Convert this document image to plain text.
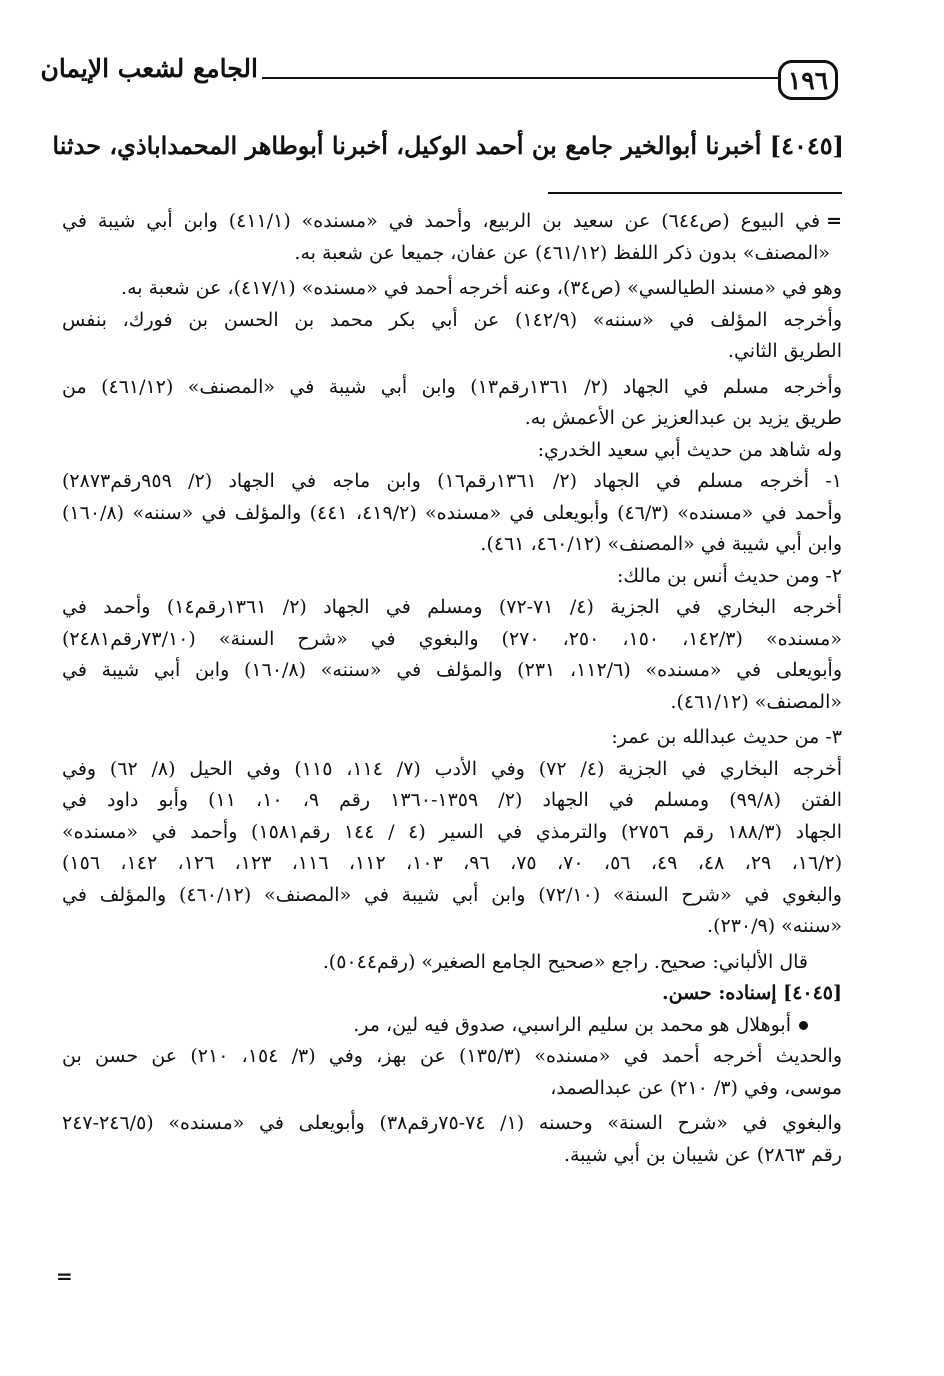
١٩٦
الجامع لشعب الإيمان
[٤٠٤٥] أخبرنا أبوالخير جامع بن أحمد الوكيل، أخبرنا أبوطاهر المحمداباذي، حدثنا
=في البيوع (ص٦٤٤) عن سعيد بن الربيع، وأحمد في «مسنده» (٤١١/١) وابن أبي شيبة في
«المصنف» بدون ذكر اللفظ (٤٦١/١٢) عن عفان، جميعا عن شعبة به.
وهو في «مسند الطيالسي» (ص٣٤)، وعنه أخرجه أحمد في «مسنده» (٤١٧/١)، عن شعبة به.
وأخرجه المؤلف في «سننه» (١٤٢/٩) عن أبي بكر محمد بن الحسن بن فورك، بنفس
الطريق الثاني.
وأخرجه مسلم في الجهاد (٢/ ١٣٦١رقم١٣) وابن أبي شيبة في «المصنف» (٤٦١/١٢) من
طريق يزيد بن عبدالعزيز عن الأعمش به.
وله شاهد من حديث أبي سعيد الخدري:
١- أخرجه مسلم في الجهاد (٢/ ١٣٦١رقم١٦) وابن ماجه في الجهاد (٢/ ٩٥٩رقم٢٨٧٣)
وأحمد في «مسنده» (٤٦/٣) وأبويعلى في «مسنده» (٤١٩/٢، ٤٤١) والمؤلف في «سننه» (١٦٠/٨)
وابن أبي شيبة في «المصنف» (٤٦٠/١٢، ٤٦١).
٢- ومن حديث أنس بن مالك:
أخرجه البخاري في الجزية (٤/ ٧١-٧٢) ومسلم في الجهاد (٢/ ١٣٦١رقم١٤) وأحمد في
«مسنده» (١٤٢/٣، ١٥٠، ٢٥٠، ٢٧٠) والبغوي في «شرح السنة» (٧٣/١٠رقم٢٤٨١)
وأبويعلى في «مسنده» (١١٢/٦، ٢٣١) والمؤلف في «سننه» (١٦٠/٨) وابن أبي شيبة في
«المصنف» (٤٦١/١٢).
٣- من حديث عبدالله بن عمر:
أخرجه البخاري في الجزية (٤/ ٧٢) وفي الأدب (٧/ ١١٤، ١١٥) وفي الحيل (٨/ ٦٢) وفي
الفتن (٩٩/٨) ومسلم في الجهاد (٢/ ١٣٥٩-١٣٦٠ رقم ٩، ١٠، ١١) وأبو داود في
الجهاد (١٨٨/٣ رقم ٢٧٥٦) والترمذي في السير (٤ / ١٤٤ رقم١٥٨١) وأحمد في «مسنده»
(١٦/٢، ٢٩، ٤٨، ٤٩، ٥٦، ٧٠، ٧٥، ٩٦، ١٠٣، ١١٢، ١١٦، ١٢٣، ١٢٦، ١٤٢، ١٥٦)
والبغوي في «شرح السنة» (٧٢/١٠) وابن أبي شيبة في «المصنف» (٤٦٠/١٢) والمؤلف في
«سننه» (٢٣٠/٩).
قال الألباني: صحيح. راجع «صحيح الجامع الصغير» (رقم٥٠٤٤).
[٤٠٤٥] إسناده: حسن.
أبوهلال هو محمد بن سليم الراسبي، صدوق فيه لين، مر.
والحديث أخرجه أحمد في «مسنده» (١٣٥/٣) عن بهز، وفي (٣/ ١٥٤، ٢١٠) عن حسن بن
موسى، وفي (٣/ ٢١٠) عن عبدالصمد،
والبغوي في «شرح السنة» وحسنه (١/ ٧٤-٧٥رقم٣٨) وأبويعلى في «مسنده» (٢٤٦/٥-٢٤٧
رقم ٢٨٦٣) عن شيبان بن أبي شيبة.
=
